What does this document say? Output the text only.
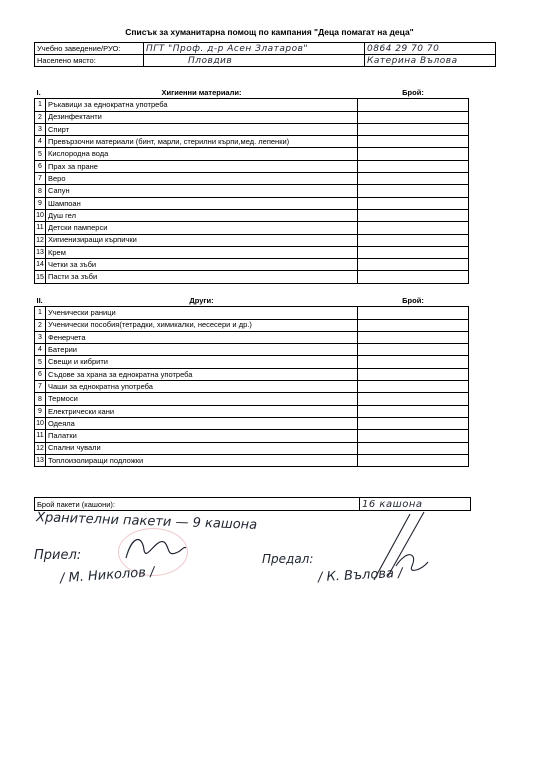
Списък за хуманитарна помощ по кампания "Деца помагат на деца"
Учебно заведение/РУО:	ПГТ "Проф. д-р Асен Златаров"	0864 29 70 70
Населено място:	Пловдив	Катерина Вълова
I.	Хигиенни материали:	Брой:
1	Ръкавици за еднократна употреба	
2	Дезинфектанти	
3	Спирт	
4	Превързочни материали (бинт, марли, стерилни кърпи,мед. лепенки)	
5	Кислородна вода	
6	Прах за пране	
7	Веро	
8	Сапун	
9	Шампоан	
10	Душ гел	
11	Детски памперси	
12	Хигиенизиращи кърпички	
13	Крем	
14	Четки за зъби	
15	Пасти за зъби	
II.	Други:	Брой:
1	Ученически раници	
2	Ученически пособия(тетрадки, химикалки, несесери и др.)	
3	Фенерчета	
4	Батерии	
5	Свещи и кибрити	
6	Съдове за храна за еднократна употреба	
7	Чаши за еднократна употреба	
8	Термоси	
9	Електрически кани	
10	Одеяла	
11	Палатки	
12	Спални чували	
13	Топлоизолиращи подложки	
Брой пакети (кашони):	16 кашона
Хранителни пакети — 9 кашона
Приел:
/ М. Николов /
Предал:
/ К. Вълова /
